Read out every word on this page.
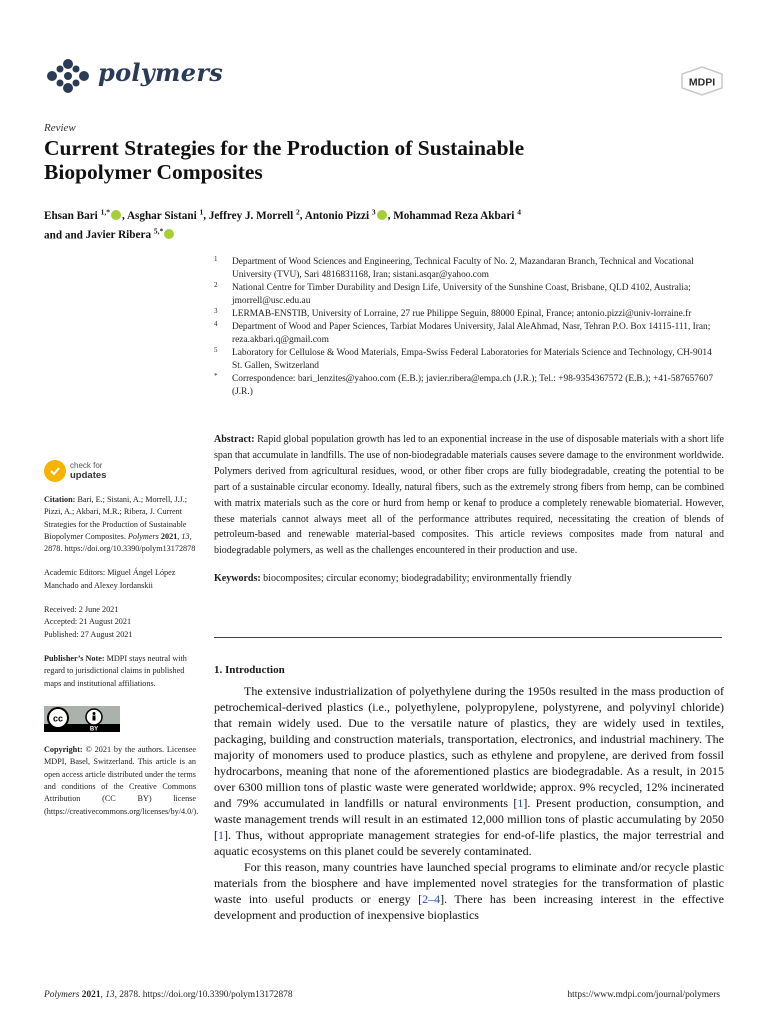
polymers	MDPI
Review
Current Strategies for the Production of Sustainable
Biopolymer Composites
Ehsan Bari $^{1,*}$ , Asghar Sistani $^1$, Jeffrey J. Morrell $^2$, Antonio Pizzi $^3$ , Mohammad Reza Akbari $^4$
and and Javier Ribera $^{5,*}$
1 Department of Wood Sciences and Engineering, Technical Faculty of No. 2, Mazandaran Branch, Technical and Vocational University (TVU), Sari 4816831168, Iran; sistani.asqar@yahoo.com
2 National Centre for Timber Durability and Design Life, University of the Sunshine Coast, Brisbane, QLD 4102, Australia; jmorrell@usc.edu.au
3 LERMAB-ENSTIB, University of Lorraine, 27 rue Philippe Seguin, 88000 Epinal, France; antonio.pizzi@univ-lorraine.fr
4 Department of Wood and Paper Sciences, Tarbiat Modares University, Jalal AleAhmad, Nasr, Tehran P.O. Box 14115-111, Iran; reza.akbari.q@gmail.com
5 Laboratory for Cellulose & Wood Materials, Empa-Swiss Federal Laboratories for Materials Science and Technology, CH-9014 St. Gallen, Switzerland
* Correspondence: bari_lenzites@yahoo.com (E.B.); javier.ribera@empa.ch (J.R.); Tel.: +98-9354367572 (E.B.); +41-587657607 (J.R.)
check for
updates
Citation: Bari, E.; Sistani, A.; Morrell, J.J.; Pizzi, A.; Akbari, M.R.; Ribera, J. Current Strategies for the Production of Sustainable Biopolymer Composites. Polymers 2021, 13, 2878. https://doi.org/10.3390/polym13172878
Academic Editors: Miguel Ángel López Manchado and Alexey Iordanskii
Received: 2 June 2021
Accepted: 21 August 2021
Published: 27 August 2021
Publisher’s Note: MDPI stays neutral with regard to jurisdictional claims in published maps and institutional affiliations.
cc
BY
Copyright: © 2021 by the authors. Licensee MDPI, Basel, Switzerland. This article is an open access article distributed under the terms and conditions of the Creative Commons Attribution (CC BY) license (https://creativecommons.org/licenses/by/4.0/).
Abstract: Rapid global population growth has led to an exponential increase in the use of disposable materials with a short life span that accumulate in landfills. The use of non-biodegradable materials causes severe damage to the environment worldwide. Polymers derived from agricultural residues, wood, or other fiber crops are fully biodegradable, creating the potential to be part of a sustainable circular economy. Ideally, natural fibers, such as the extremely strong fibers from hemp, can be combined with matrix materials such as the core or hurd from hemp or kenaf to produce a completely renewable biomaterial. However, these materials cannot always meet all of the performance attributes required, necessitating the creation of blends of petroleum-based and renewable material-based composites. This article reviews composites made from natural and biodegradable polymers, as well as the challenges encountered in their production and use.
Keywords: biocomposites; circular economy; biodegradability; environmentally friendly
1. Introduction

The extensive industrialization of polyethylene during the 1950s resulted in the mass production of petrochemical-derived plastics (i.e., polyethylene, polypropylene, polystyrene, and polyvinyl chloride) that remain widely used. Due to the versatile nature of plastics, they are widely used in textiles, packaging, building and construction materials, transportation, electronics, and industrial machinery. The majority of monomers used to produce plastics, such as ethylene and propylene, are derived from fossil hydrocarbons, meaning that none of the aforementioned plastics are biodegradable. As a result, in 2015 over 6300 million tons of plastic waste were generated worldwide; approx. 9% recycled, 12% incinerated and 79% accumulated in landfills or natural environments [1]. Present production, consumption, and waste management trends will result in an estimated 12,000 million tons of plastic accumulating by 2050 [1]. Thus, without appropriate management strategies for end-of-life plastics, the major terrestrial and aquatic ecosystems on this planet could be severely contaminated.

For this reason, many countries have launched special programs to eliminate and/or recycle plastic materials from the biosphere and have implemented novel strategies for the transformation of plastic waste into useful products or energy [2–4]. There has been increasing interest in the effective development and production of inexpensive bioplastics

Polymers 2021, 13, 2878. https://doi.org/10.3390/polym13172878	https://www.mdpi.com/journal/polymers
